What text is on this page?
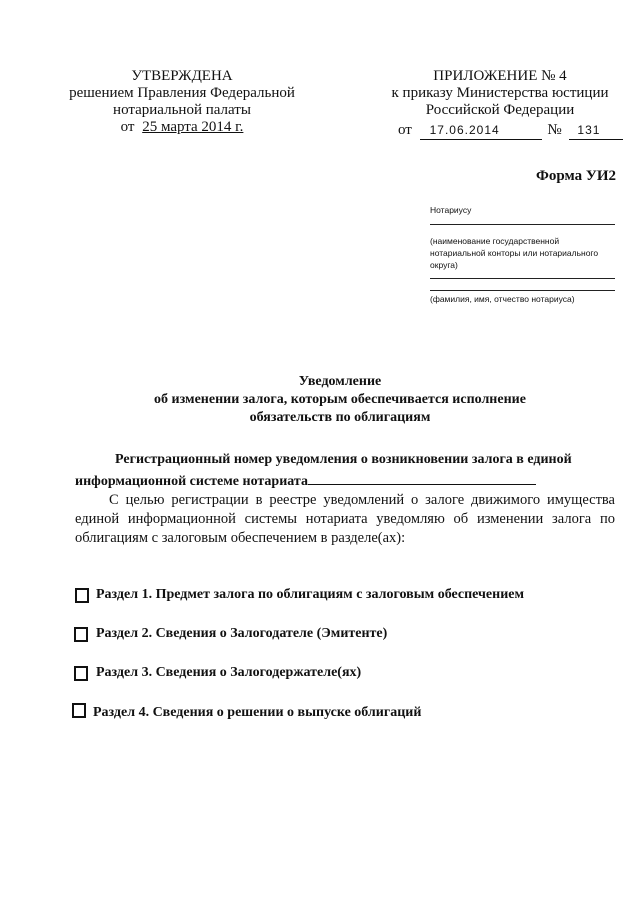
УТВЕРЖДЕНА
решением Правления Федеральной
нотариальной палаты
от 25 марта 2014 г.
ПРИЛОЖЕНИЕ № 4
к приказу Министерства юстиции
Российской Федерации
от 17.06.2014	№ 131
Форма УИ2
Нотариусу
(наименование государственной нотариальной конторы или нотариального округа)
(фамилия, имя, отчество нотариуса)
Уведомление
об изменении залога, которым обеспечивается исполнение
обязательств по облигациям
Регистрационный номер уведомления о возникновении залога в единой
информационной системе нотариата
С целью регистрации в реестре уведомлений о залоге движимого имущества единой информационной системы нотариата уведомляю об изменении залога по облигациям с залоговым обеспечением в разделе(ах):
Раздел 1. Предмет залога по облигациям с залоговым обеспечением
Раздел 2. Сведения о Залогодателе (Эмитенте)
Раздел 3. Сведения о Залогодержателе(ях)
Раздел 4. Сведения о решении о выпуске облигаций
